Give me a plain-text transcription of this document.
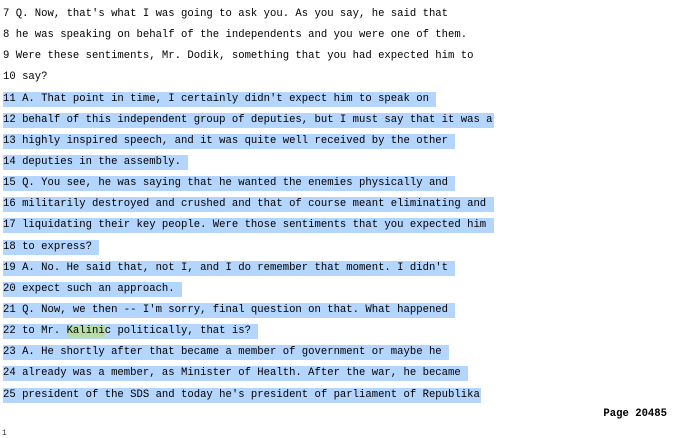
7 Q. Now, that's what I was going to ask you. As you say, he said that
8 he was speaking on behalf of the independents and you were one of them.
9 Were these sentiments, Mr. Dodik, something that you had expected him to
10 say?
11 A. That point in time, I certainly didn't expect him to speak on
12 behalf of this independent group of deputies, but I must say that it was a
13 highly inspired speech, and it was quite well received by the other
14 deputies in the assembly.
15 Q. You see, he was saying that he wanted the enemies physically and
16 militarily destroyed and crushed and that of course meant eliminating and
17 liquidating their key people. Were those sentiments that you expected him
18 to express?
19 A. No. He said that, not I, and I do remember that moment. I didn't
20 expect such an approach.
21 Q. Now, we then -- I'm sorry, final question on that. What happened
22 to Mr. Kalinic politically, that is?
23 A. He shortly after that became a member of government or maybe he
24 already was a member, as Minister of Health. After the war, he became
25 president of the SDS and today he's president of parliament of Republika
Page 20485
1
